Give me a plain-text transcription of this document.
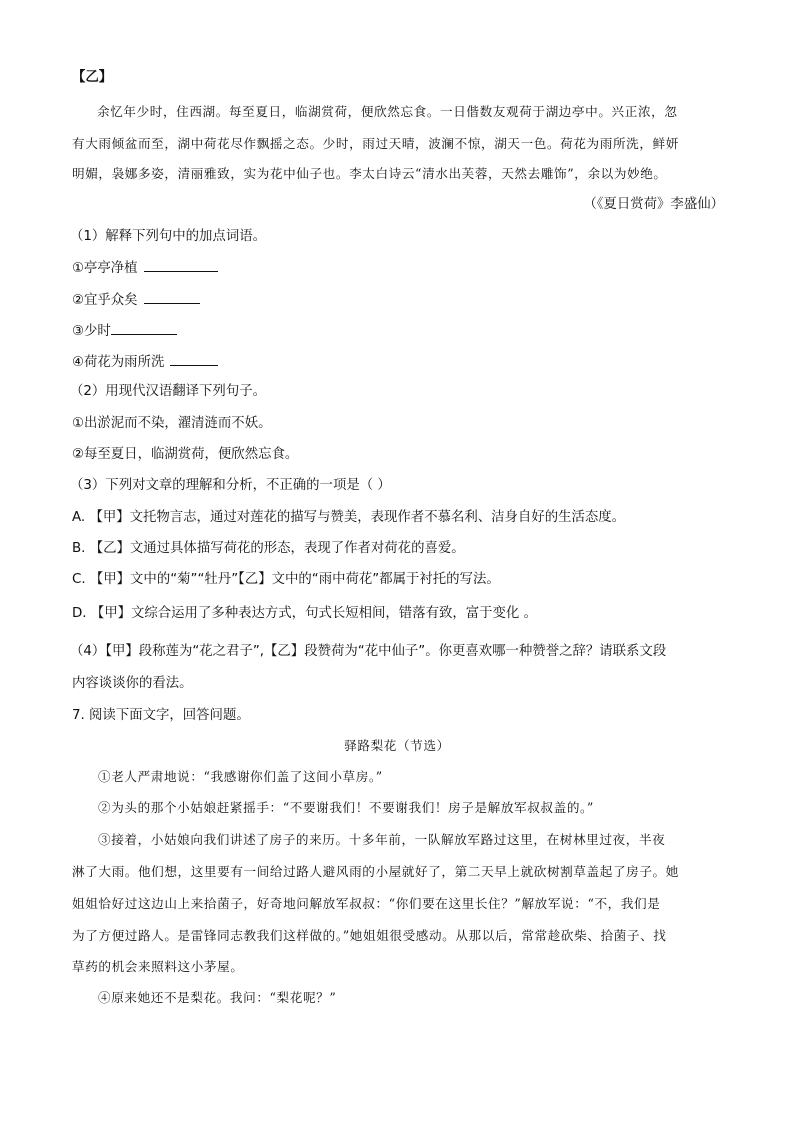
【乙】
余忆年少时，住西湖。每至夏日，临湖赏荷，便欣然忘食。一日偕数友观荷于湖边亭中。兴正浓，忽
有大雨倾盆而至，湖中荷花尽作飘摇之态。少时，雨过天晴，波澜不惊，湖天一色。荷花为雨所洗，鲜妍
明媚，袅娜多姿，清丽雅致，实为花中仙子也。李太白诗云“清水出芙蓉，天然去雕饰”，余以为妙绝。
（《夏日赏荷》李盛仙）
（1）解释下列句中的加点词语。
①亭亭净植
②宜乎众矣
③少时
④荷花为雨所洗
（2）用现代汉语翻译下列句子。
①出淤泥而不染，濯清涟而不妖。
②每至夏日，临湖赏荷，便欣然忘食。
（3）下列对文章的理解和分析，不正确的一项是（ ）
A. 【甲】文托物言志，通过对莲花的描写与赞美，表现作者不慕名利、洁身自好的生活态度。
B. 【乙】文通过具体描写荷花的形态，表现了作者对荷花的喜爱。
C. 【甲】文中的“菊”“牡丹”【乙】文中的“雨中荷花”都属于衬托的写法。
D. 【甲】文综合运用了多种表达方式，句式长短相间，错落有致，富于变化 。
（4）【甲】段称莲为“花之君子”,【乙】段赞荷为“花中仙子”。你更喜欢哪一种赞誉之辞？请联系文段
内容谈谈你的看法。
7. 阅读下面文字，回答问题。
驿路梨花（节选）
①老人严肃地说：“我感谢你们盖了这间小草房。”
②为头的那个小姑娘赶紧摇手：“不要谢我们！不要谢我们！房子是解放军叔叔盖的。”
③接着，小姑娘向我们讲述了房子的来历。十多年前，一队解放军路过这里，在树林里过夜，半夜
淋了大雨。他们想，这里要有一间给过路人避风雨的小屋就好了，第二天早上就砍树割草盖起了房子。她
姐姐恰好过这边山上来拾菌子，好奇地问解放军叔叔：“你们要在这里长住？”解放军说：“不，我们是
为了方便过路人。是雷锋同志教我们这样做的。”她姐姐很受感动。从那以后，常常趁砍柴、拾菌子、找
草药的机会来照料这小茅屋。
④原来她还不是梨花。我问：“梨花呢？”
